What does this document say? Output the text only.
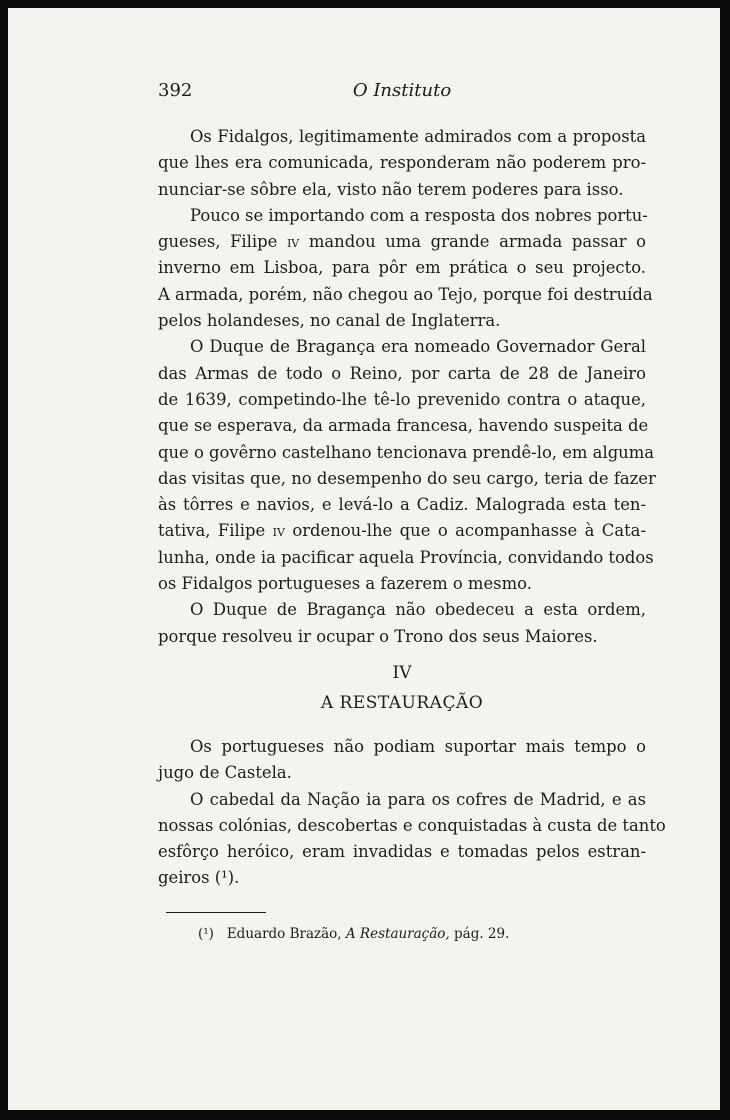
392	O Instituto

Os Fidalgos, legitimamente admirados com a proposta
que lhes era comunicada, responderam não poderem pro-
nunciar-se sôbre ela, visto não terem poderes para isso.

Pouco se importando com a resposta dos nobres portu-
gueses, Filipe iv mandou uma grande armada passar o
inverno em Lisboa, para pôr em prática o seu projecto.
A armada, porém, não chegou ao Tejo, porque foi destruída
pelos holandeses, no canal de Inglaterra.

O Duque de Bragança era nomeado Governador Geral
das Armas de todo o Reino, por carta de 28 de Janeiro
de 1639, competindo-lhe tê-lo prevenido contra o ataque,
que se esperava, da armada francesa, havendo suspeita de
que o govêrno castelhano tencionava prendê-lo, em alguma
das visitas que, no desempenho do seu cargo, teria de fazer
às tôrres e navios, e levá-lo a Cadiz. Malograda esta ten-
tativa, Filipe iv ordenou-lhe que o acompanhasse à Cata-
lunha, onde ia pacificar aquela Província, convidando todos
os Fidalgos portugueses a fazerem o mesmo.

O Duque de Bragança não obedeceu a esta ordem,
porque resolveu ir ocupar o Trono dos seus Maiores.

IV
A RESTAURAÇÃO

Os portugueses não podiam suportar mais tempo o
jugo de Castela.

O cabedal da Nação ia para os cofres de Madrid, e as
nossas colónias, descobertas e conquistadas à custa de tanto
esfôrço heróico, eram invadidas e tomadas pelos estran-
geiros (¹).

(¹) Eduardo Brazão, A Restauração, pág. 29.
